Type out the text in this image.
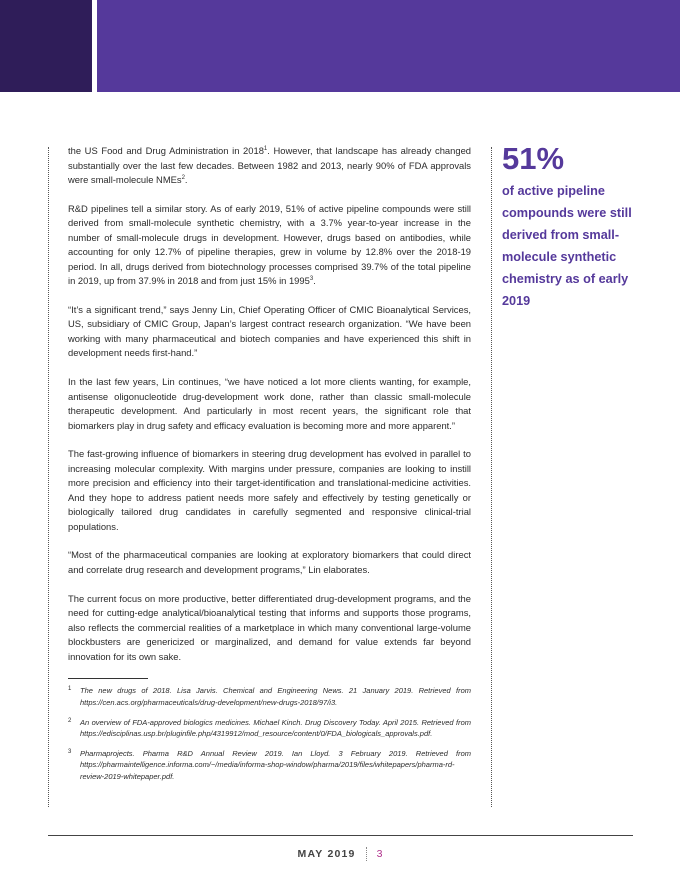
the US Food and Drug Administration in 2018$^1$. However, that landscape has already changed substantially over the last few decades. Between 1982 and 2013, nearly 90% of FDA approvals were small-molecule NMEs$^2$.

R&D pipelines tell a similar story. As of early 2019, 51% of active pipeline compounds were still derived from small-molecule synthetic chemistry, with a 3.7% year-to-year increase in the number of small-molecule drugs in development. However, drugs based on antibodies, while accounting for only 12.7% of pipeline therapies, grew in volume by 12.8% over the 2018-19 period. In all, drugs derived from biotechnology processes comprised 39.7% of the total pipeline in 2019, up from 37.9% in 2018 and from just 15% in 1995$^3$.

“It’s a significant trend,” says Jenny Lin, Chief Operating Officer of CMIC Bioanalytical Services, US, subsidiary of CMIC Group, Japan’s largest contract research organization. “We have been working with many pharmaceutical and biotech companies and have experienced this shift in development needs first-hand.”

In the last few years, Lin continues, “we have noticed a lot more clients wanting, for example, antisense oligonucleotide drug-development work done, rather than classic small-molecule therapeutic development. And particularly in most recent years, the significant role that biomarkers play in drug safety and efficacy evaluation is becoming more and more apparent.”

The fast-growing influence of biomarkers in steering drug development has evolved in parallel to increasing molecular complexity. With margins under pressure, companies are looking to instill more precision and efficiency into their target-identification and translational-medicine activities. And they hope to address patient needs more safely and effectively by testing genetically or biologically tailored drug candidates in carefully segmented and responsive clinical-trial populations.

“Most of the pharmaceutical companies are looking at exploratory biomarkers that could direct and correlate drug research and development programs,” Lin elaborates.

The current focus on more productive, better differentiated drug-development programs, and the need for cutting-edge analytical/bioanalytical testing that informs and supports those programs, also reflects the commercial realities of a marketplace in which many conventional large-volume blockbusters are genericized or marginalized, and demand for value extends far beyond innovation for its own sake.

1 The new drugs of 2018. Lisa Jarvis. Chemical and Engineering News. 21 January 2019. Retrieved from https://cen.acs.org/pharmaceuticals/drug-development/new-drugs-2018/97/i3.
2 An overview of FDA-approved biologics medicines. Michael Kinch. Drug Discovery Today. April 2015. Retrieved from https://edisciplinas.usp.br/pluginfile.php/4319912/mod_resource/content/0/FDA_biologicals_approvals.pdf.
3 Pharmaprojects. Pharma R&D Annual Review 2019. Ian Lloyd. 3 February 2019. Retrieved from https://pharmaintelligence.informa.com/~/media/informa-shop-window/pharma/2019/files/whitepapers/pharma-rd-review-2019-whitepaper.pdf.
51%
of active pipeline compounds were still derived from small-molecule synthetic chemistry as of early 2019
MAY 2019 3
